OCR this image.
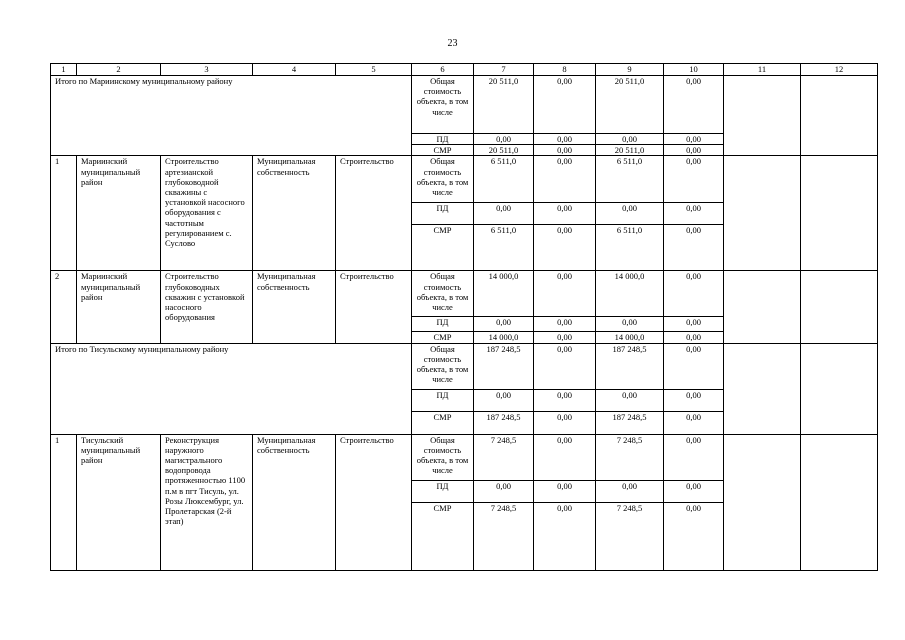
23
1	2	3	4	5	6	7	8	9	10	11	12
Итого по Мариинскому муниципальному району					Общая стоимость объекта, в том числе	20 511,0	0,00	20 511,0	0,00		
					ПД	0,00	0,00	0,00	0,00		
					СМР	20 511,0	0,00	20 511,0	0,00		
1	Мариинский муниципальный район	Строительство артезианской глубоководной скважины с установкой насосного оборудования с частотным регулированием с. Суслово	Муниципальная собственность	Строительство	Общая стоимость объекта, в том числе	6 511,0	0,00	6 511,0	0,00		
					ПД	0,00	0,00	0,00	0,00		
					СМР	6 511,0	0,00	6 511,0	0,00		
2	Мариинский муниципальный район	Строительство глубоководных скважин с установкой насосного оборудования	Муниципальная собственность	Строительство	Общая стоимость объекта, в том числе	14 000,0	0,00	14 000,0	0,00		
					ПД	0,00	0,00	0,00	0,00		
					СМР	14 000,0	0,00	14 000,0	0,00		
Итого по Тисульскому муниципальному району					Общая стоимость объекта, в том числе	187 248,5	0,00	187 248,5	0,00		
					ПД	0,00	0,00	0,00	0,00		
					СМР	187 248,5	0,00	187 248,5	0,00		
1	Тисульский муниципальный район	Реконструкция наружного магистрального водопровода протяженностью 1100 п.м в пгт Тисуль, ул. Розы Люксембург, ул. Пролетарская (2-й этап)	Муниципальная собственность	Строительство	Общая стоимость объекта, в том числе	7 248,5	0,00	7 248,5	0,00		
					ПД	0,00	0,00	0,00	0,00		
					СМР	7 248,5	0,00	7 248,5	0,00		
